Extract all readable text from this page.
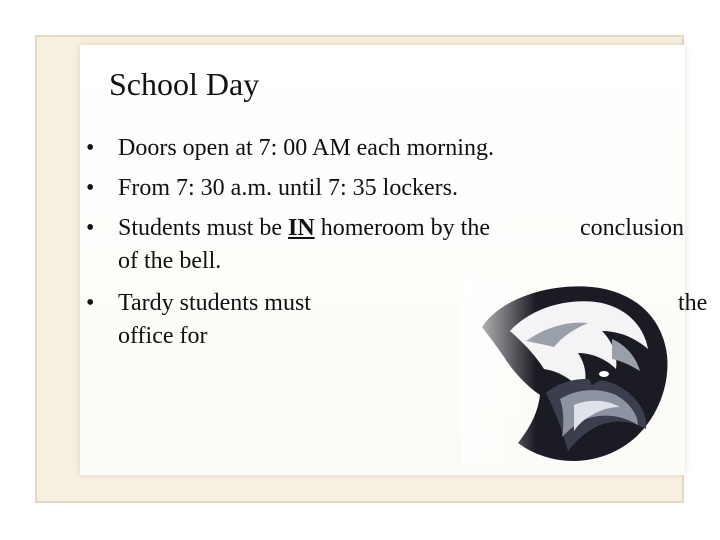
School Day
• Doors open at 7: 00 AM each morning.
• From 7: 30 a.m. until 7: 35 lockers.
• Students must be IN homeroom by the	conclusion
of the bell.
• Tardy students must	the
office for
